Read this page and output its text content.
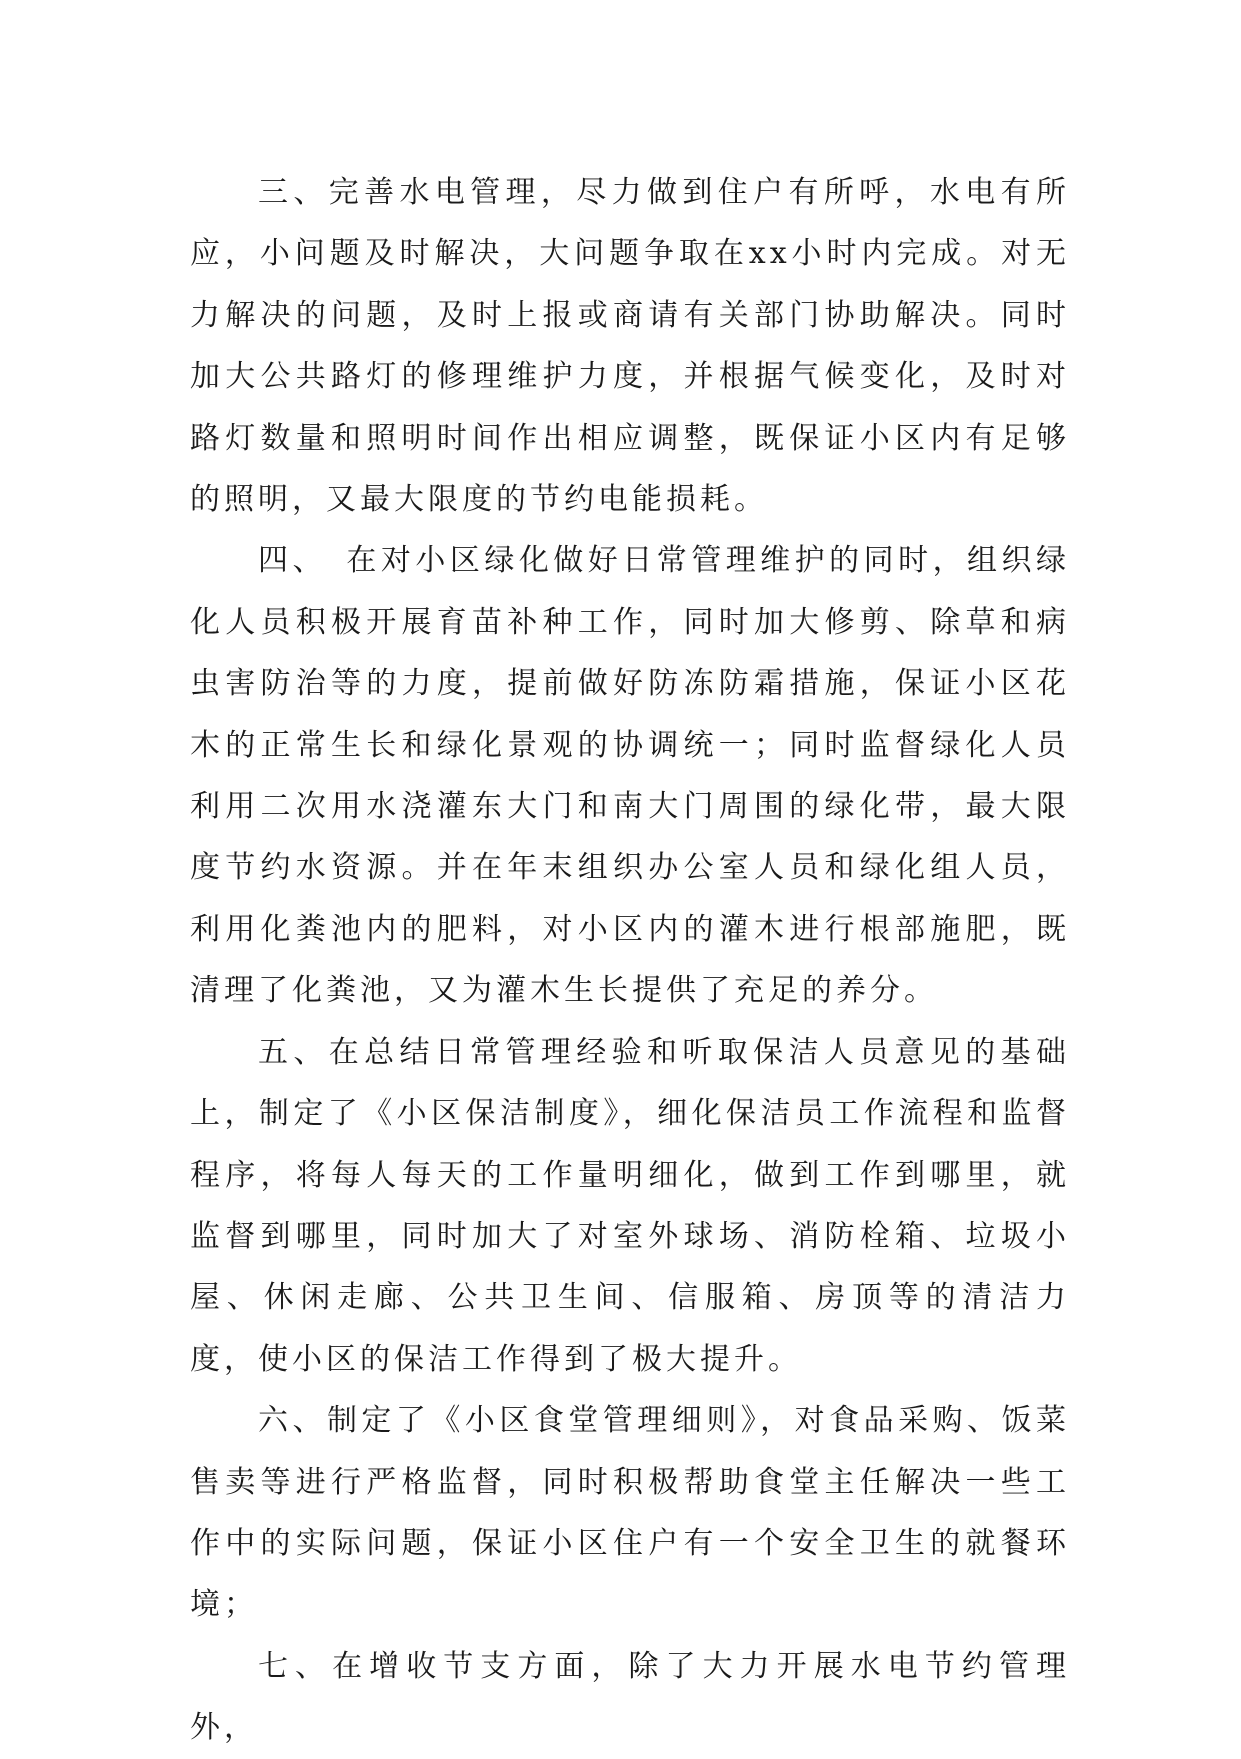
三、完善水电管理，尽力做到住户有所呼，水电有所应，小问题及时解决，大问题争取在xx小时内完成。对无力解决的问题，及时上报或商请有关部门协助解决。同时加大公共路灯的修理维护力度，并根据气候变化，及时对路灯数量和照明时间作出相应调整，既保证小区内有足够的照明，又最大限度的节约电能损耗。

四、　在对小区绿化做好日常管理维护的同时，组织绿化人员积极开展育苗补种工作，同时加大修剪、除草和病虫害防治等的力度，提前做好防冻防霜措施，保证小区花木的正常生长和绿化景观的协调统一；同时监督绿化人员利用二次用水浇灌东大门和南大门周围的绿化带，最大限度节约水资源。并在年末组织办公室人员和绿化组人员，利用化粪池内的肥料，对小区内的灌木进行根部施肥，既清理了化粪池，又为灌木生长提供了充足的养分。

五、在总结日常管理经验和听取保洁人员意见的基础上，制定了《小区保洁制度》，细化保洁员工作流程和监督程序，将每人每天的工作量明细化，做到工作到哪里，就监督到哪里，同时加大了对室外球场、消防栓箱、垃圾小屋、休闲走廊、公共卫生间、信服箱、房顶等的清洁力度，使小区的保洁工作得到了极大提升。

六、制定了《小区食堂管理细则》，对食品采购、饭菜售卖等进行严格监督，同时积极帮助食堂主任解决一些工作中的实际问题，保证小区住户有一个安全卫生的就餐环境；

七、在增收节支方面，除了大力开展水电节约管理外，
